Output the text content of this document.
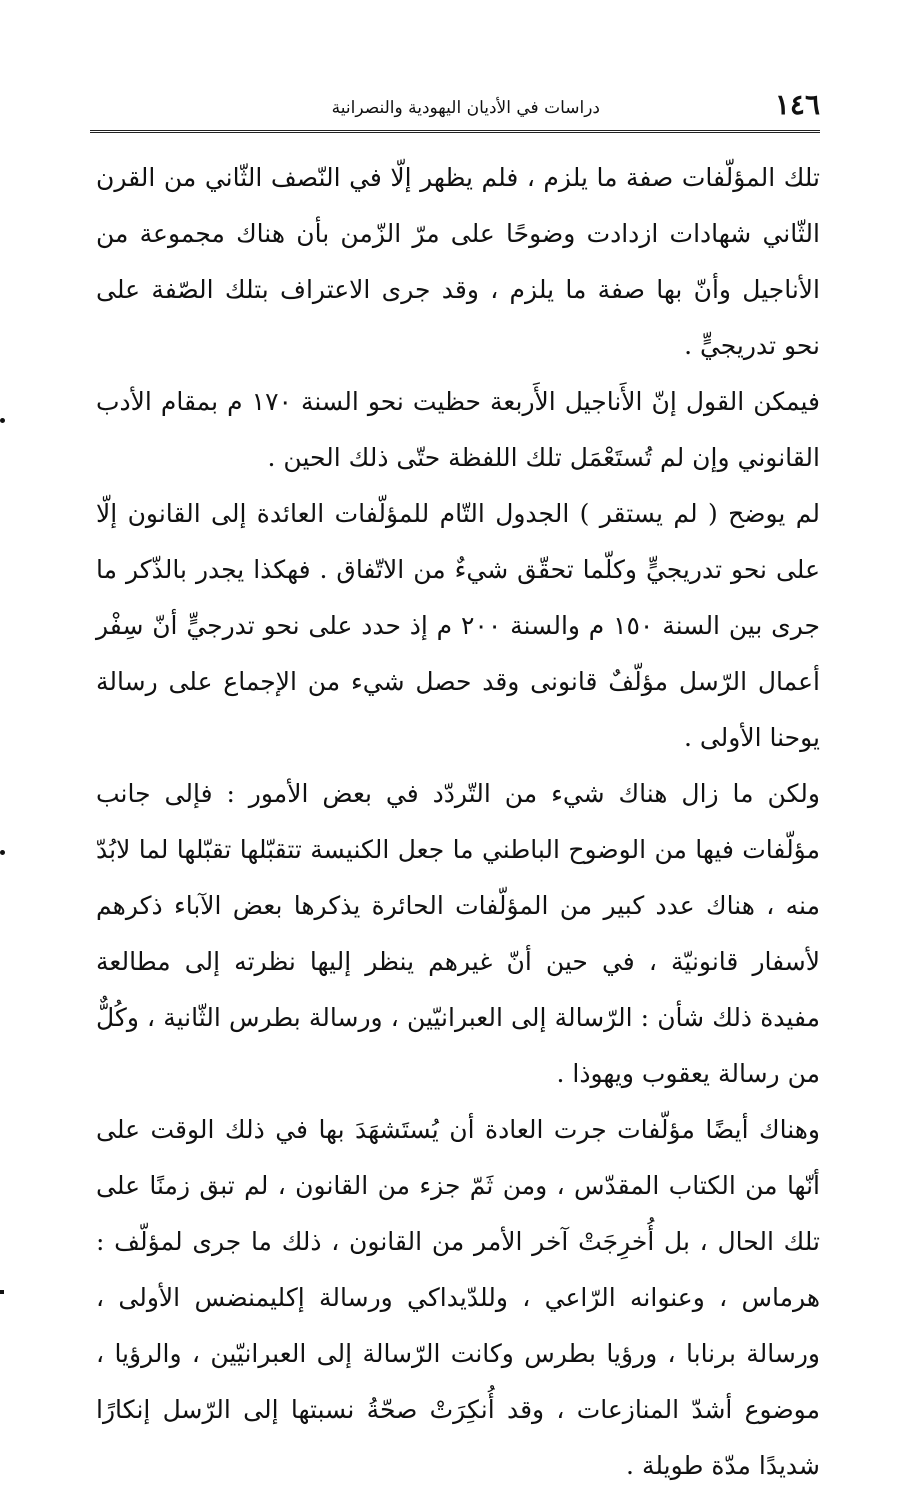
١٤٦
دراسات في الأديان اليهودية والنصرانية

تلك المؤلّفات صفة ما يلزم ، فلم يظهر إلّا في النّصف الثّاني من القرن الثّاني شهادات ازدادت وضوحًا على مرّ الزّمن بأن هناك مجموعة من الأناجيل وأنّ بها صفة ما يلزم ، وقد جرى الاعتراف بتلك الصّفة على نحو تدريجيٍّ .

فيمكن القول إنّ الأَناجيل الأَربعة حظيت نحو السنة ١٧٠ م بمقام الأدب القانوني وإن لم تُستَعْمَل تلك اللفظة حتّى ذلك الحين .

لم يوضح ( لم يستقر ) الجدول التّام للمؤلّفات العائدة إلى القانون إلّا على نحو تدريجيٍّ وكلّما تحقّق شيءٌ من الاتّفاق . فهكذا يجدر بالذّكر ما جرى بين السنة ١٥٠ م والسنة ٢٠٠ م إذ حدد على نحو تدرجيٍّ أنّ سِفْر أعمال الرّسل مؤلّفٌ قانونى وقد حصل شيء من الإجماع على رسالة يوحنا الأولى .

ولكن ما زال هناك شيء من التّردّد في بعض الأمور : فإلى جانب مؤلّفات فيها من الوضوح الباطني ما جعل الكنيسة تتقبّلها تقبّلها لما لابُدّ منه ، هناك عدد كبير من المؤلّفات الحائرة يذكرها بعض الآباء ذكرهم لأسفار قانونيّة ، في حين أنّ غيرهم ينظر إليها نظرته إلى مطالعة مفيدة ذلك شأن : الرّسالة إلى العبرانيّين ، ورسالة بطرس الثّانية ، وكُلٌّ من رسالة يعقوب ويهوذا .

وهناك أيضًا مؤلّفات جرت العادة أن يُستَشهَدَ بها في ذلك الوقت على أنّها من الكتاب المقدّس ، ومن ثَمّ جزء من القانون ، لم تبق زمنًا على تلك الحال ، بل أُخرِجَتْ آخر الأمر من القانون ، ذلك ما جرى لمؤلّف : هرماس ، وعنوانه الرّاعي ، وللدّيداكي ورسالة إكليمنضس الأولى ، ورسالة برنابا ، ورؤيا بطرس وكانت الرّسالة إلى العبرانيّين ، والرؤيا ، موضوع أشدّ المنازعات ، وقد أُنكِرَتْ صحّةُ نسبتها إلى الرّسل إنكارًا شديدًا مدّة طويلة .
